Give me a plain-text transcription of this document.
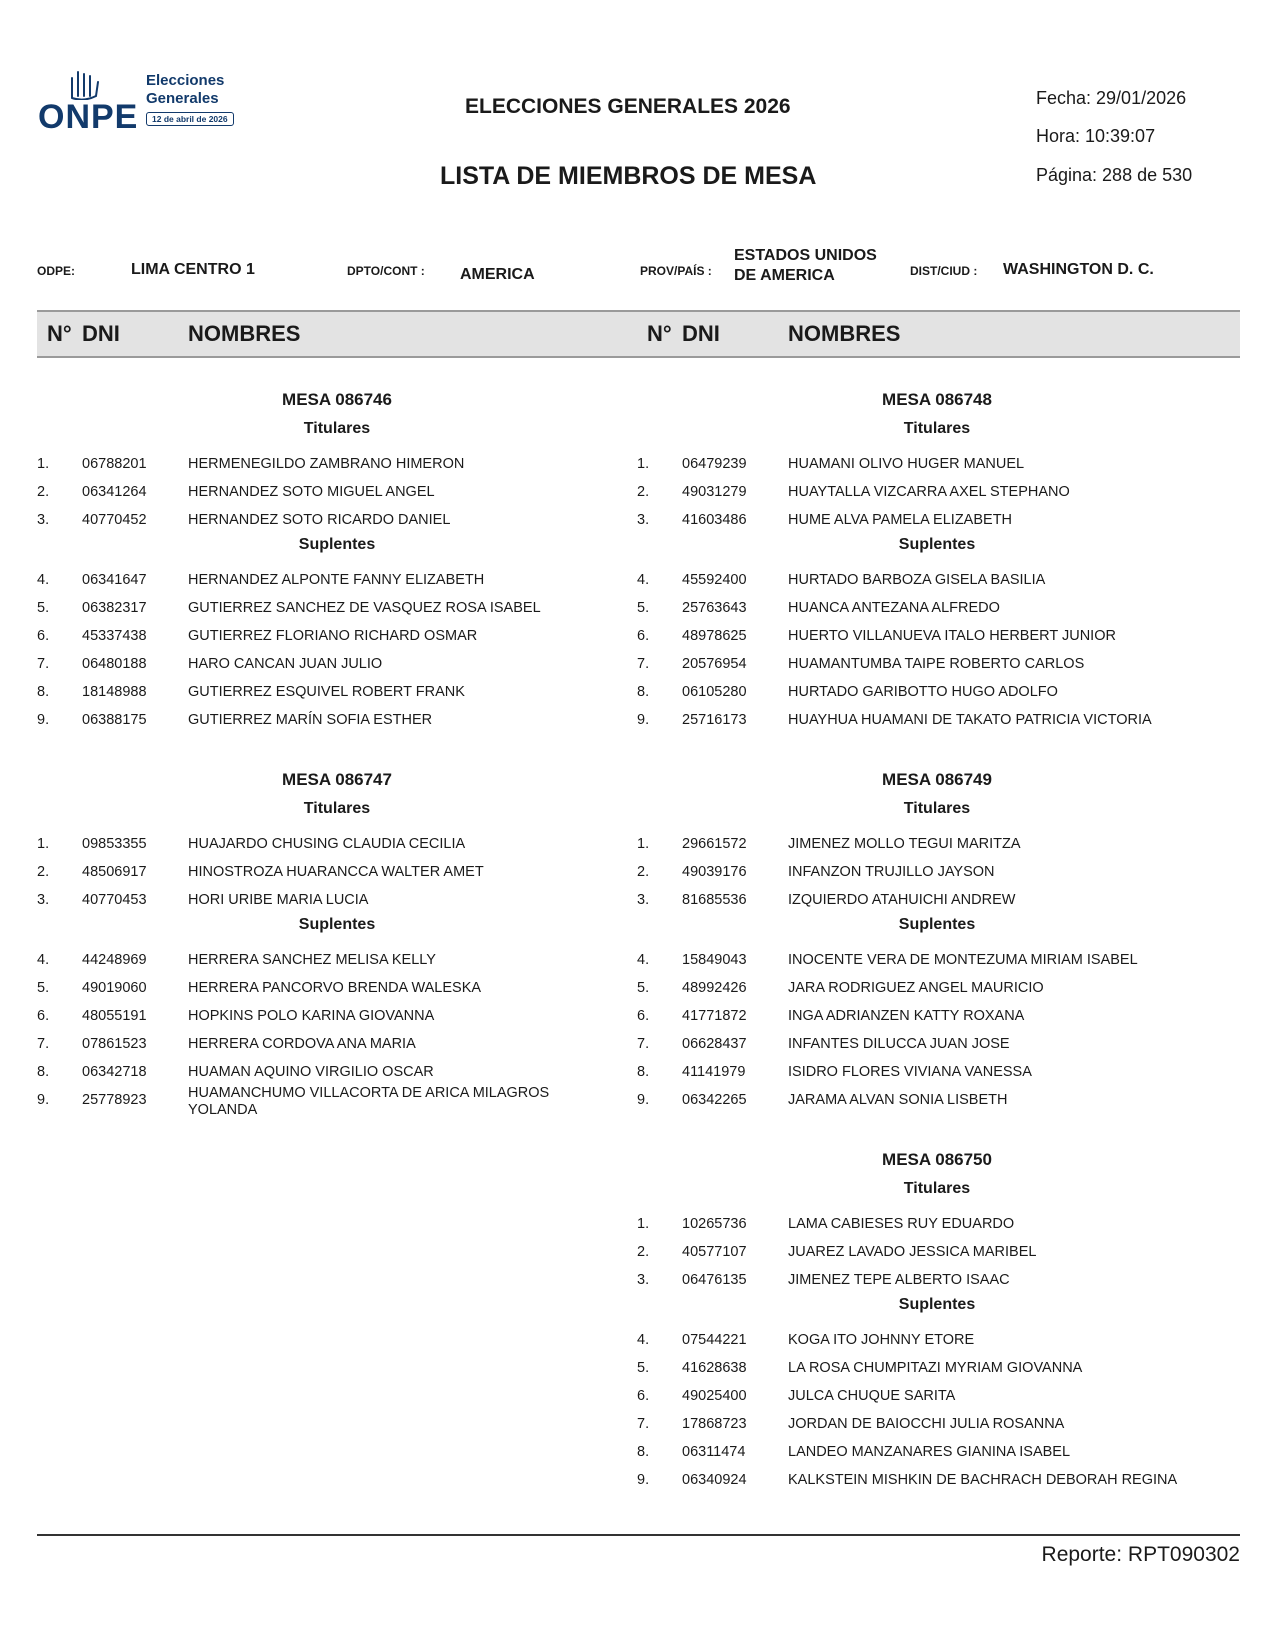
ONPE
Elecciones
Generales
12 de abril de 2026
ELECCIONES GENERALES 2026
LISTA DE MIEMBROS DE MESA
Fecha: 29/01/2026
Hora: 10:39:07
Página: 288 de 530
ODPE:	LIMA CENTRO 1	DPTO/CONT : AMERICA	PROV/PAÍS :
ESTADOS UNIDOS
DE AMERICA	DIST/CIUD : WASHINGTON D. C.
N° DNI	NOMBRES	N° DNI	NOMBRES
MESA 086746
Titulares
1. 06788201	HERMENEGILDO ZAMBRANO HIMERON
2. 06341264	HERNANDEZ SOTO MIGUEL ANGEL
3. 40770452	HERNANDEZ SOTO RICARDO DANIEL
Suplentes
4. 06341647	HERNANDEZ ALPONTE FANNY ELIZABETH
5. 06382317	GUTIERREZ SANCHEZ DE VASQUEZ ROSA ISABEL
6. 45337438	GUTIERREZ FLORIANO RICHARD OSMAR
7. 06480188	HARO CANCAN JUAN JULIO
8. 18148988	GUTIERREZ ESQUIVEL ROBERT FRANK
9. 06388175	GUTIERREZ MARÍN SOFIA ESTHER
MESA 086747
Titulares
1. 09853355	HUAJARDO CHUSING CLAUDIA CECILIA
2. 48506917	HINOSTROZA HUARANCCA WALTER AMET
3. 40770453	HORI URIBE MARIA LUCIA
Suplentes
4. 44248969	HERRERA SANCHEZ MELISA KELLY
5. 49019060	HERRERA PANCORVO BRENDA WALESKA
6. 48055191	HOPKINS POLO KARINA GIOVANNA
7. 07861523	HERRERA CORDOVA ANA MARIA
8. 06342718	HUAMAN AQUINO VIRGILIO OSCAR
9. 25778923	HUAMANCHUMO VILLACORTA DE ARICA MILAGROS YOLANDA
MESA 086748
Titulares
1. 06479239	HUAMANI OLIVO HUGER MANUEL
2. 49031279	HUAYTALLA VIZCARRA AXEL STEPHANO
3. 41603486	HUME ALVA PAMELA ELIZABETH
Suplentes
4. 45592400	HURTADO BARBOZA GISELA BASILIA
5. 25763643	HUANCA ANTEZANA ALFREDO
6. 48978625	HUERTO VILLANUEVA ITALO HERBERT JUNIOR
7. 20576954	HUAMANTUMBA TAIPE ROBERTO CARLOS
8. 06105280	HURTADO GARIBOTTO HUGO ADOLFO
9. 25716173	HUAYHUA HUAMANI DE TAKATO PATRICIA VICTORIA
MESA 086749
Titulares
1. 29661572	JIMENEZ MOLLO TEGUI MARITZA
2. 49039176	INFANZON TRUJILLO JAYSON
3. 81685536	IZQUIERDO ATAHUICHI ANDREW
Suplentes
4. 15849043	INOCENTE VERA DE MONTEZUMA MIRIAM ISABEL
5. 48992426	JARA RODRIGUEZ ANGEL MAURICIO
6. 41771872	INGA ADRIANZEN KATTY ROXANA
7. 06628437	INFANTES DILUCCA JUAN JOSE
8. 41141979	ISIDRO FLORES VIVIANA VANESSA
9. 06342265	JARAMA ALVAN SONIA LISBETH
MESA 086750
Titulares
1. 10265736	LAMA CABIESES RUY EDUARDO
2. 40577107	JUAREZ LAVADO JESSICA MARIBEL
3. 06476135	JIMENEZ TEPE ALBERTO ISAAC
Suplentes
4. 07544221	KOGA ITO JOHNNY ETORE
5. 41628638	LA ROSA CHUMPITAZI MYRIAM GIOVANNA
6. 49025400	JULCA CHUQUE SARITA
7. 17868723	JORDAN DE BAIOCCHI JULIA ROSANNA
8. 06311474	LANDEO MANZANARES GIANINA ISABEL
9. 06340924	KALKSTEIN MISHKIN DE BACHRACH DEBORAH REGINA
Reporte: RPT090302
